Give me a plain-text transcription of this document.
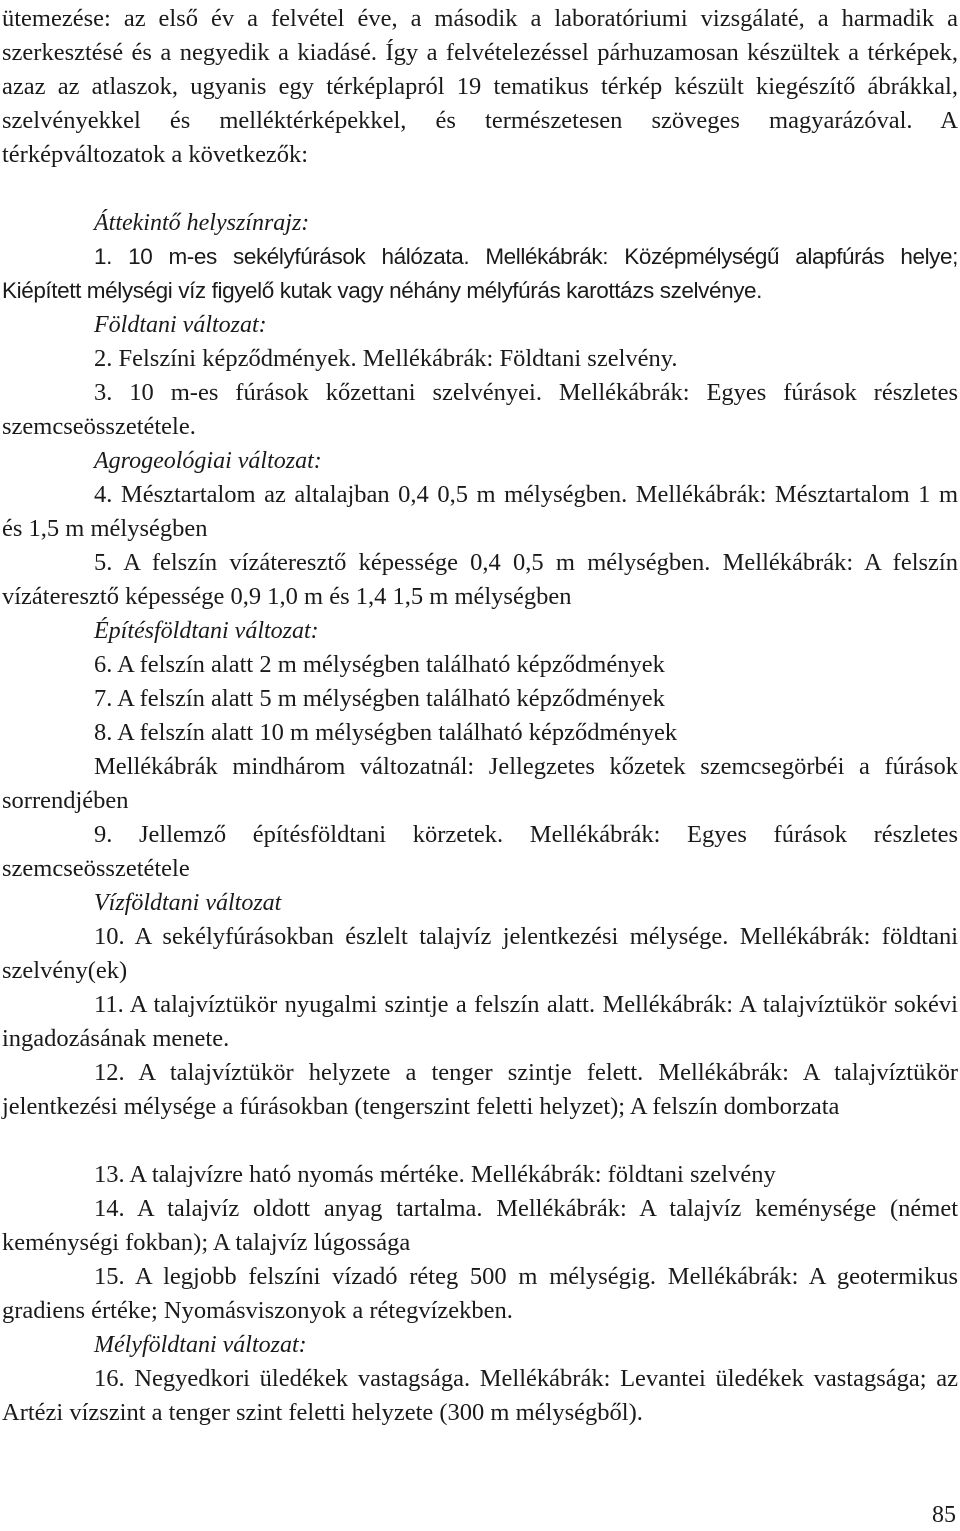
ütemezése: az első év a felvétel éve, a második a laboratóriumi vizsgálaté, a harmadik a szerkesztésé és a negyedik a kiadásé. Így a felvételezéssel párhuzamosan készültek a térképek, azaz az atlaszok, ugyanis egy térképlapról 19 tematikus térkép készült kiegészítő ábrákkal, szelvényekkel és melléktérképekkel, és természetesen szöveges magyarázóval. A térképváltozatok a következők:
Áttekintő helyszínrajz:
1. 10 m-es sekélyfúrások hálózata. Mellékábrák: Középmélységű alapfúrás helye; Kiépített mélységi víz figyelő kutak vagy néhány mélyfúrás karottázs szelvénye.
Földtani változat:
2. Felszíni képződmények. Mellékábrák: Földtani szelvény.
3. 10 m-es fúrások kőzettani szelvényei. Mellékábrák: Egyes fúrások részletes szemcseösszetétele.
Agrogeológiai változat:
4. Mésztartalom az altalajban 0,4 0,5 m mélységben. Mellékábrák: Mésztartalom 1 m és 1,5 m mélységben
5. A felszín vízáteresztő képessége 0,4 0,5 m mélységben. Mellékábrák: A felszín vízáteresztő képessége 0,9 1,0 m és 1,4 1,5 m mélységben
Építésföldtani változat:
6. A felszín alatt 2 m mélységben található képződmények
7. A felszín alatt 5 m mélységben található képződmények
8. A felszín alatt 10 m mélységben található képződmények
Mellékábrák mindhárom változatnál: Jellegzetes kőzetek szemcsegörbéi a fúrások sorrendjében
9. Jellemző építésföldtani körzetek. Mellékábrák: Egyes fúrások részletes szemcseösszetétele
Vízföldtani változat
10. A sekélyfúrásokban észlelt talajvíz jelentkezési mélysége. Mellékábrák: földtani szelvény(ek)
11. A talajvíztükör nyugalmi szintje a felszín alatt. Mellékábrák: A talajvíztükör sokévi ingadozásának menete.
12. A talajvíztükör helyzete a tenger szintje felett. Mellékábrák: A talajvíztükör jelentkezési mélysége a fúrásokban (tengerszint feletti helyzet); A felszín domborzata
13. A talajvízre ható nyomás mértéke. Mellékábrák: földtani szelvény
14. A talajvíz oldott anyag tartalma. Mellékábrák: A talajvíz keménysége (német keménységi fokban); A talajvíz lúgossága
15. A legjobb felszíni vízadó réteg 500 m mélységig. Mellékábrák: A geotermikus gradiens értéke; Nyomásviszonyok a rétegvízekben.
Mélyföldtani változat:
16. Negyedkori üledékek vastagsága. Mellékábrák: Levantei üledékek vastagsága; az Artézi vízszint a tenger szint feletti helyzete (300 m mélységből).
85
